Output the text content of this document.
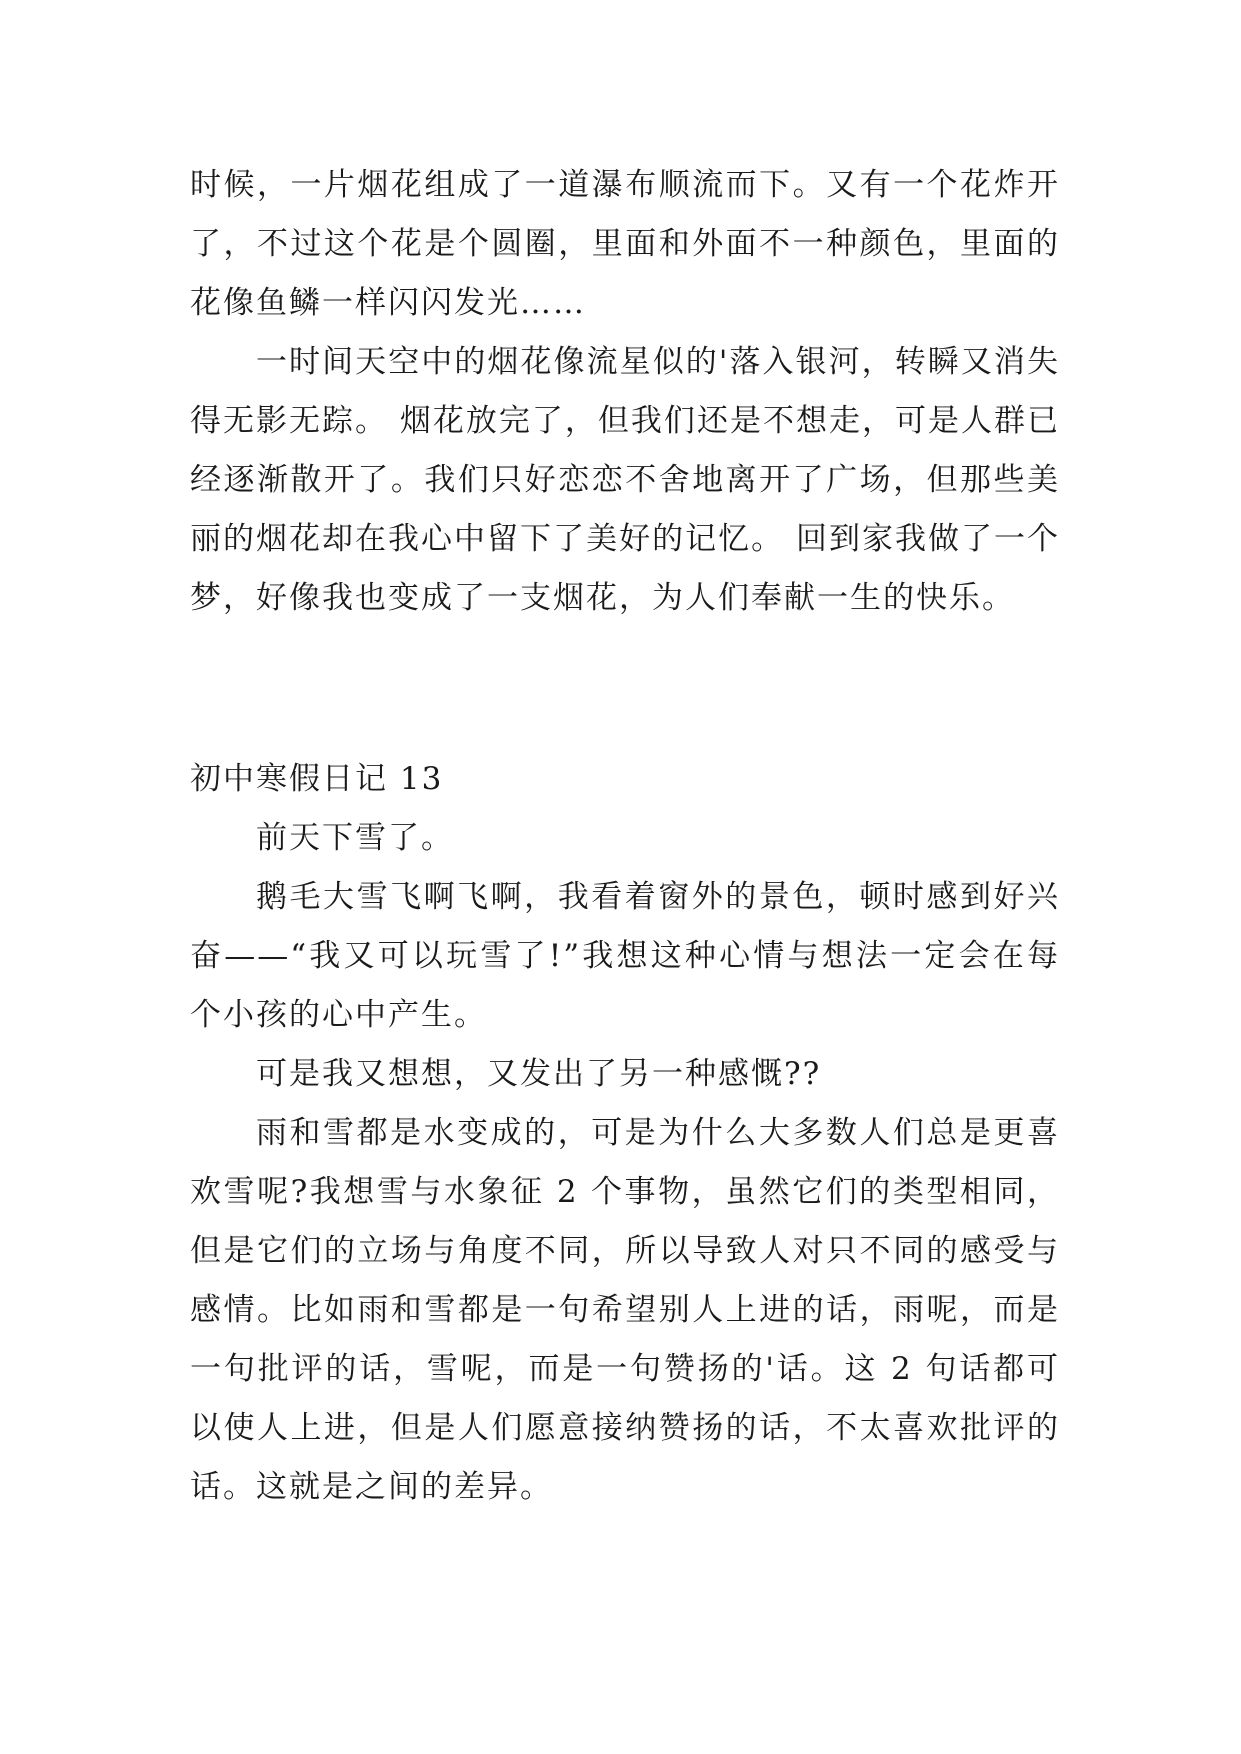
时候，一片烟花组成了一道瀑布顺流而下。又有一个花炸开了，不过这个花是个圆圈，里面和外面不一种颜色，里面的花像鱼鳞一样闪闪发光……

一时间天空中的烟花像流星似的'落入银河，转瞬又消失得无影无踪。 烟花放完了，但我们还是不想走，可是人群已经逐渐散开了。我们只好恋恋不舍地离开了广场，但那些美丽的烟花却在我心中留下了美好的记忆。 回到家我做了一个梦，好像我也变成了一支烟花，为人们奉献一生的快乐。

初中寒假日记 13

前天下雪了。

鹅毛大雪飞啊飞啊，我看着窗外的景色，顿时感到好兴奋——“我又可以玩雪了!”我想这种心情与想法一定会在每个小孩的心中产生。

可是我又想想，又发出了另一种感慨??

雨和雪都是水变成的，可是为什么大多数人们总是更喜欢雪呢?我想雪与水象征 2 个事物，虽然它们的类型相同，但是它们的立场与角度不同，所以导致人对只不同的感受与感情。比如雨和雪都是一句希望别人上进的话，雨呢，而是一句批评的话，雪呢，而是一句赞扬的'话。这 2 句话都可以使人上进，但是人们愿意接纳赞扬的话，不太喜欢批评的话。这就是之间的差异。
